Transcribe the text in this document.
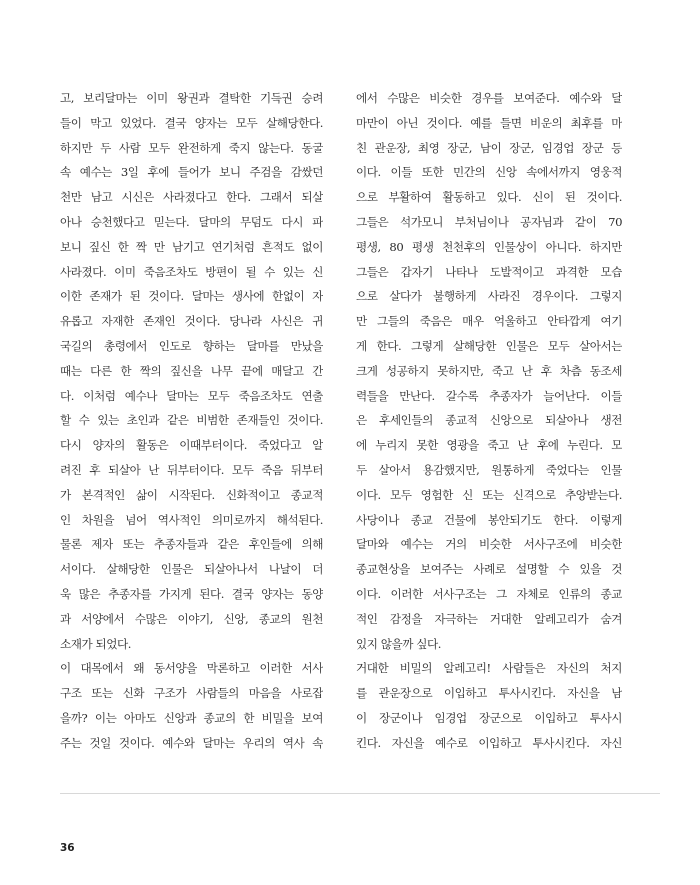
고, 보리달마는 이미 왕권과 결탁한 기득권 승려
들이 막고 있었다. 결국 양자는 모두 살해당한다.
하지만 두 사람 모두 완전하게 죽지 않는다. 동굴
속 예수는 3일 후에 들어가 보니 주검을 감쌌던
천만 남고 시신은 사라졌다고 한다. 그래서 되살
아나 승천했다고 믿는다. 달마의 무덤도 다시 파
보니 짚신 한 짝 만 남기고 연기처럼 흔적도 없이
사라졌다. 이미 죽음조차도 방편이 될 수 있는 신
이한 존재가 된 것이다. 달마는 생사에 한없이 자
유롭고 자재한 존재인 것이다. 당나라 사신은 귀
국길의 총령에서 인도로 향하는 달마를 만났을
때는 다른 한 짝의 짚신을 나무 끝에 매달고 간
다. 이처럼 예수나 달마는 모두 죽음조차도 연출
할 수 있는 초인과 같은 비범한 존재들인 것이다.
다시 양자의 활동은 이때부터이다. 죽었다고 알
려진 후 되살아 난 뒤부터이다. 모두 죽음 뒤부터
가 본격적인 삶이 시작된다. 신화적이고 종교적
인 차원을 넘어 역사적인 의미로까지 해석된다.
물론 제자 또는 추종자들과 같은 후인들에 의해
서이다. 살해당한 인물은 되살아나서 나날이 더
욱 많은 추종자를 가지게 된다. 결국 양자는 동양
과 서양에서 수많은 이야기, 신앙, 종교의 원천
소재가 되었다.
이 대목에서 왜 동서양을 막론하고 이러한 서사
구조 또는 신화 구조가 사람들의 마음을 사로잡
을까? 이는 아마도 신앙과 종교의 한 비밀을 보여
주는 것일 것이다. 예수와 달마는 우리의 역사 속
에서 수많은 비슷한 경우를 보여준다. 예수와 달
마만이 아닌 것이다. 예를 들면 비운의 최후를 마
친 관운장, 최영 장군, 남이 장군, 임경업 장군 등
이다. 이들 또한 민간의 신앙 속에서까지 영웅적
으로 부활하여 활동하고 있다. 신이 된 것이다.
그들은 석가모니 부처님이나 공자님과 같이 70
평생, 80 평생 천천후의 인물상이 아니다. 하지만
그들은 갑자기 나타나 도발적이고 과격한 모습
으로 살다가 불행하게 사라진 경우이다. 그렇지
만 그들의 죽음은 매우 억울하고 안타깝게 여기
게 한다. 그렇게 살해당한 인물은 모두 살아서는
크게 성공하지 못하지만, 죽고 난 후 차츰 동조세
력들을 만난다. 갈수록 추종자가 늘어난다. 이들
은 후세인들의 종교적 신앙으로 되살아나 생전
에 누리지 못한 영광을 죽고 난 후에 누린다. 모
두 살아서 용감했지만, 원통하게 죽었다는 인물
이다. 모두 영험한 신 또는 신격으로 추앙받는다.
사당이나 종교 건물에 봉안되기도 한다. 이렇게
달마와 예수는 거의 비슷한 서사구조에 비슷한
종교현상을 보여주는 사례로 설명할 수 있을 것
이다. 이러한 서사구조는 그 자체로 인류의 종교
적인 감정을 자극하는 거대한 알레고리가 숨겨
있지 않을까 싶다.
거대한 비밀의 알레고리! 사람들은 자신의 처지
를 관운장으로 이입하고 투사시킨다. 자신을 남
이 장군이나 임경업 장군으로 이입하고 투사시
킨다. 자신을 예수로 이입하고 투사시킨다. 자신
36
